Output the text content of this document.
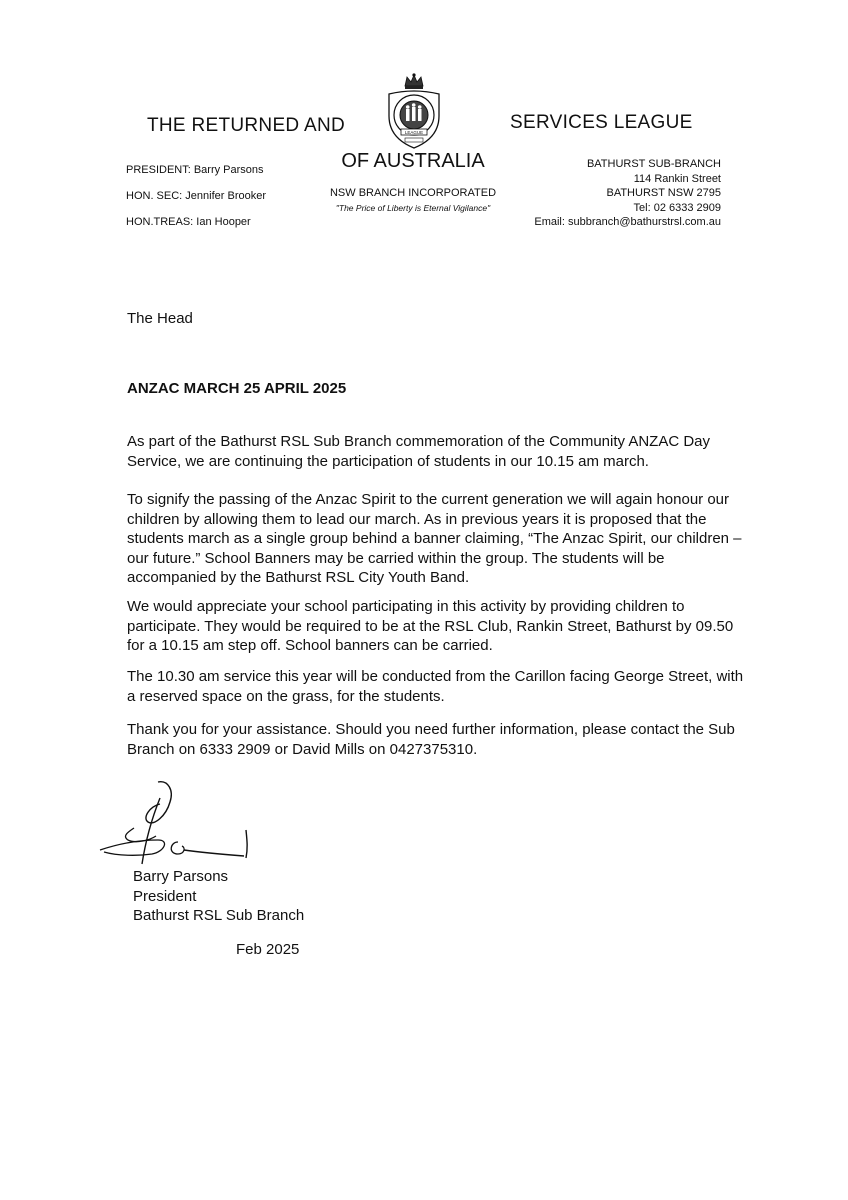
THE RETURNED AND	SERVICES LEAGUE
LEAGUE
OF AUSTRALIA
NSW BRANCH INCORPORATED
"The Price of Liberty is Eternal Vigilance"
PRESIDENT: Barry Parsons
HON. SEC: Jennifer Brooker
HON.TREAS: Ian Hooper
BATHURST SUB-BRANCH
114 Rankin Street
BATHURST NSW 2795
Tel: 02 6333 2909
Email: subbranch@bathurstrsl.com.au
The Head
ANZAC MARCH 25 APRIL 2025

As part of the Bathurst RSL Sub Branch commemoration of the Community ANZAC Day Service, we are continuing the participation of students in our 10.15 am march.

To signify the passing of the Anzac Spirit to the current generation we will again honour our children by allowing them to lead our march. As in previous years it is proposed that the students march as a single group behind a banner claiming, “The Anzac Spirit, our children – our future.” School Banners may be carried within the group. The students will be accompanied by the Bathurst RSL City Youth Band.

We would appreciate your school participating in this activity by providing children to participate. They would be required to be at the RSL Club, Rankin Street, Bathurst by 09.50 for a 10.15 am step off. School banners can be carried.

The 10.30 am service this year will be conducted from the Carillon facing George Street, with a reserved space on the grass, for the students.

Thank you for your assistance. Should you need further information, please contact the Sub Branch on 6333 2909 or David Mills on 0427375310.

Barry Parsons
President
Bathurst RSL Sub Branch
Feb 2025
